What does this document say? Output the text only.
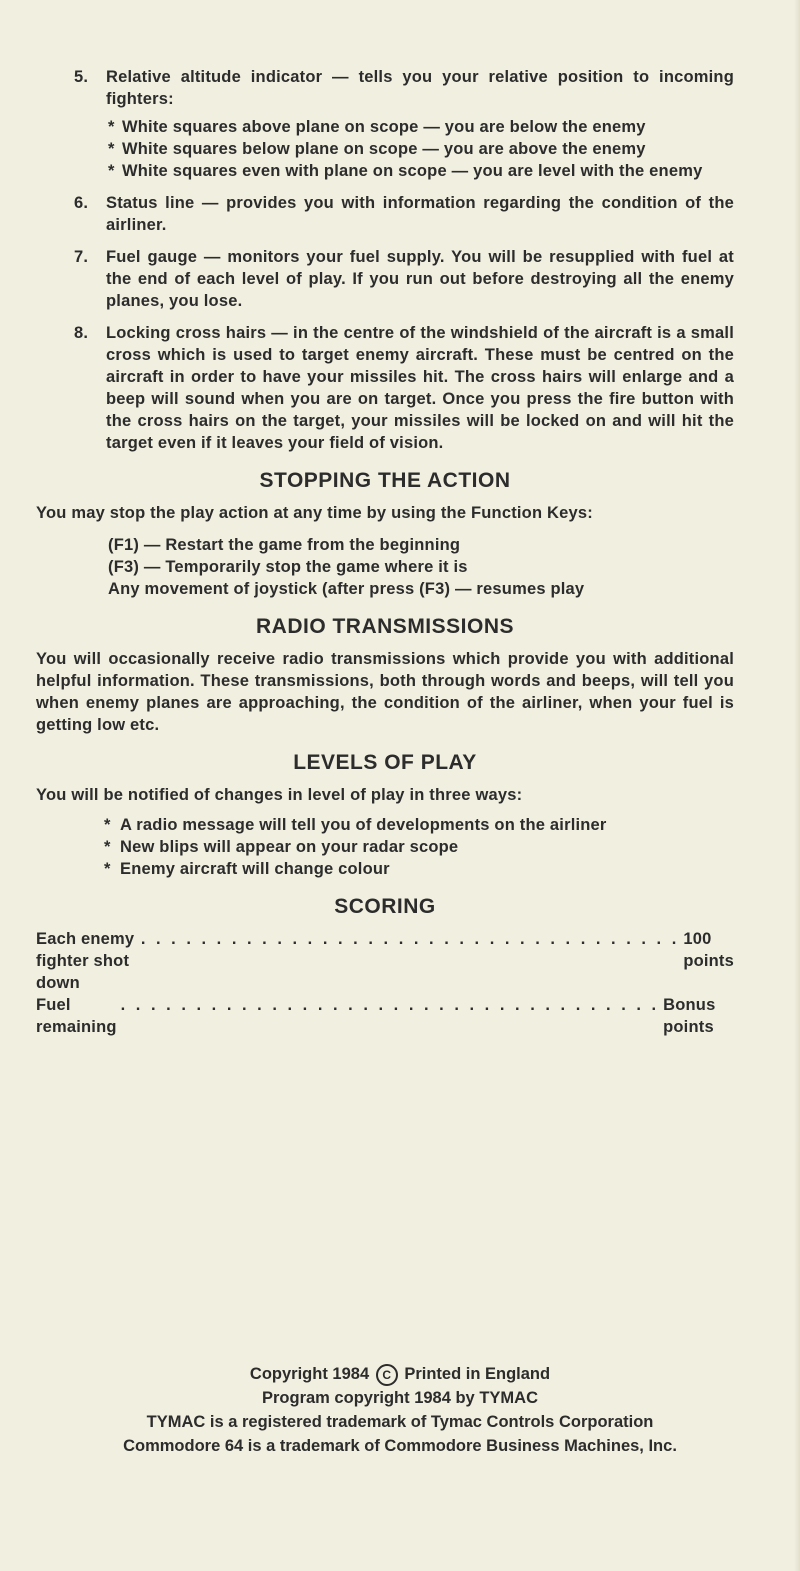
5. Relative altitude indicator — tells you your relative position to incoming fighters:

* White squares above plane on scope — you are below the enemy
* White squares below plane on scope — you are above the enemy
* White squares even with plane on scope — you are level with the enemy
6. Status line — provides you with information regarding the condition of the airliner.

7. Fuel gauge — monitors your fuel supply. You will be resupplied with fuel at the end of each level of play. If you run out before destroying all the enemy planes, you lose.

8. Locking cross hairs — in the centre of the windshield of the aircraft is a small cross which is used to target enemy aircraft. These must be centred on the aircraft in order to have your missiles hit. The cross hairs will enlarge and a beep will sound when you are on target. Once you press the fire button with the cross hairs on the target, your missiles will be locked on and will hit the target even if it leaves your field of vision.

STOPPING THE ACTION

You may stop the play action at any time by using the Function Keys:

(F1) — Restart the game from the beginning
(F3) — Temporarily stop the game where it is
Any movement of joystick (after press (F3) — resumes play
RADIO TRANSMISSIONS

You will occasionally receive radio transmissions which provide you with additional helpful information. These transmissions, both through words and beeps, will tell you when enemy planes are approaching, the condition of the airliner, when your fuel is getting low etc.

LEVELS OF PLAY

You will be notified of changes in level of play in three ways:

* A radio message will tell you of developments on the airliner
* New blips will appear on your radar scope
* Enemy aircraft will change colour
SCORING
Each enemy fighter shot down
. . . . . . . . . . . . . . . . . . . . . . . . . . . . . . . . . . . . 100 points
Fuel remaining
. . . . . . . . . . . . . . . . . . . . . . . . . . . . . . . . . . . . Bonus points
Copyright 1984 C Printed in England
Program copyright 1984 by TYMAC
TYMAC is a registered trademark of Tymac Controls Corporation
Commodore 64 is a trademark of Commodore Business Machines, Inc.
